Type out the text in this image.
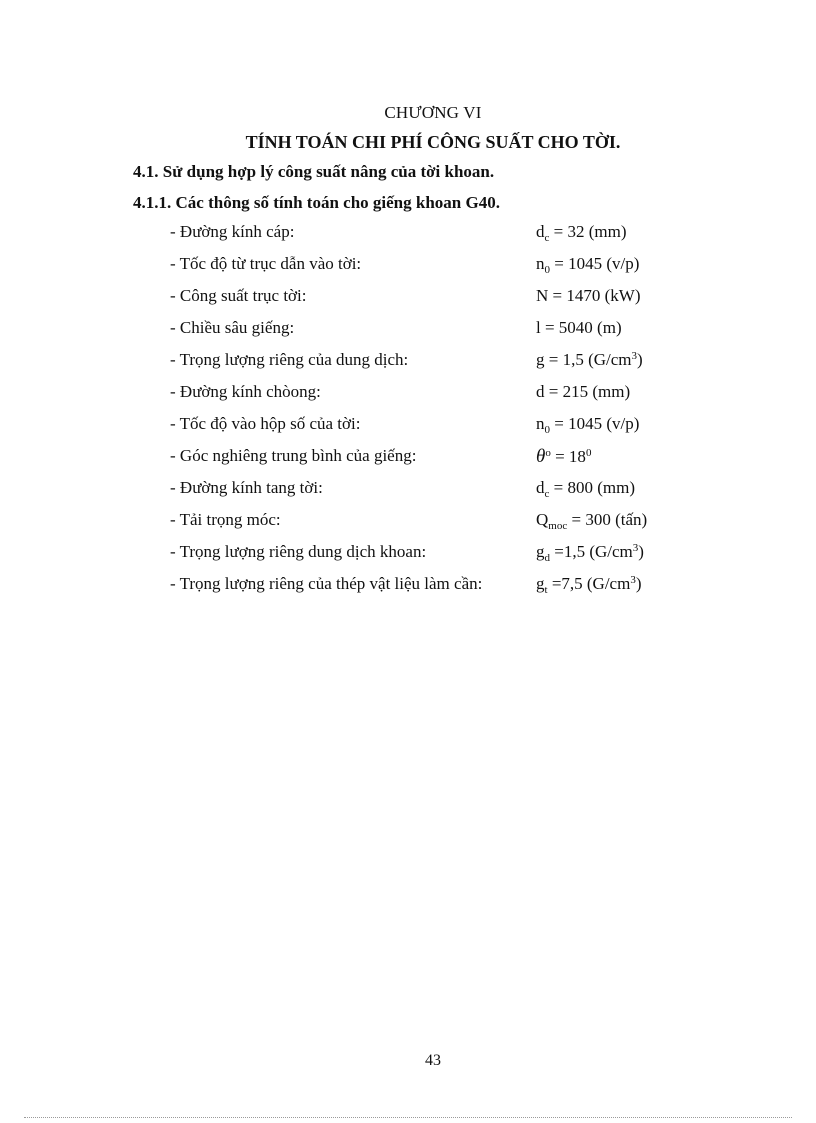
CHƯƠNG VI
TÍNH TOÁN CHI PHÍ CÔNG SUẤT CHO TỜI.
4.1. Sử dụng hợp lý công suất nâng của tời khoan.
4.1.1. Các thông số tính toán cho giếng khoan G40.
- Đường kính cáp:	$d_c = 32$ (mm)
- Tốc độ từ trục dẫn vào tời:	$n_0 = 1045$ (v/p)
- Công suất trục tời:	N = 1470 (kW)
- Chiều sâu giếng:	l = 5040 (m)
- Trọng lượng riêng của dung dịch:	g = 1,5 $(G/cm^3)$
- Đường kính chòong:	d = 215 (mm)
- Tốc độ vào hộp số của tời:	$n_0 = 1045$ (v/p)
- Góc nghiêng trung bình của giếng:	$\theta^o = 18^0$
- Đường kính tang tời:	$d_c = 800$ (mm)
- Tải trọng móc:	$Q_{moc} = 300$ (tấn)
- Trọng lượng riêng dung dịch khoan:	$g_d =1,5$ $(G/cm^3)$
- Trọng lượng riêng của thép vật liệu làm cần:	$g_t =7,5$ $(G/cm^3)$
43
